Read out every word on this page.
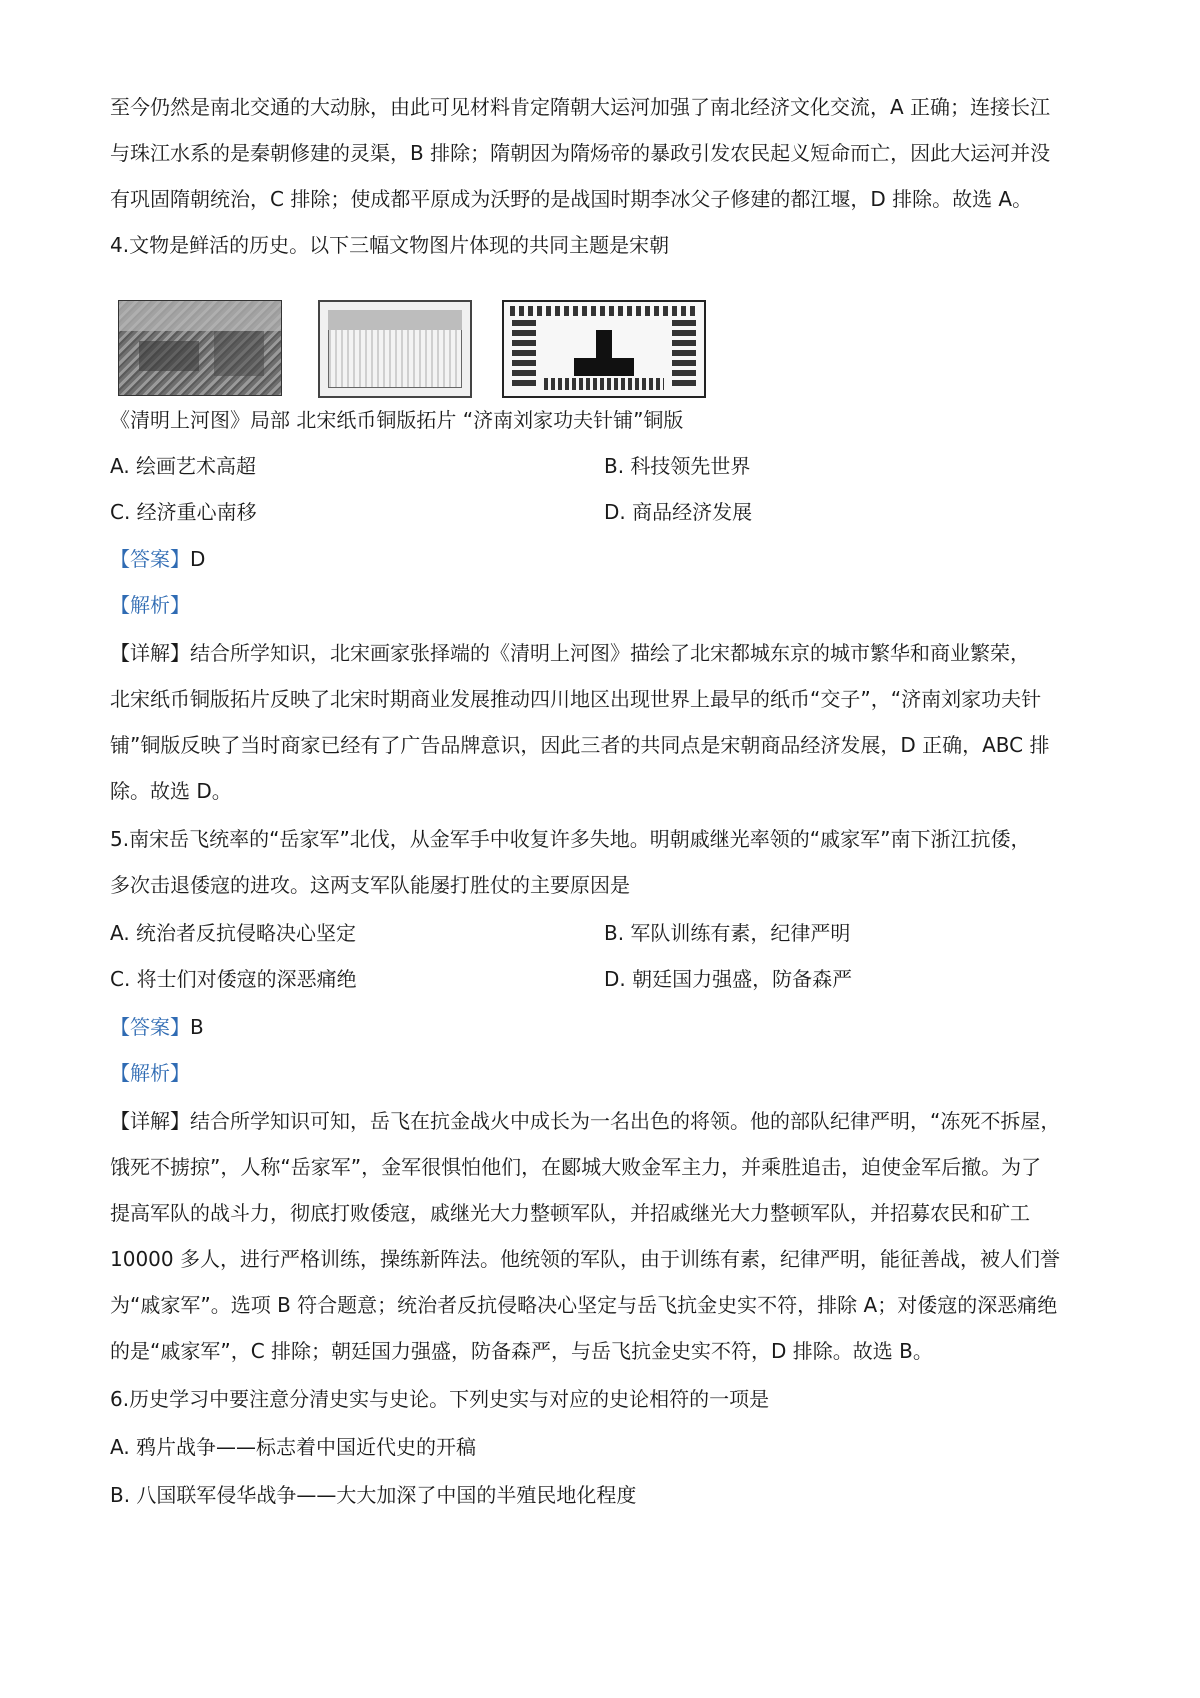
至今仍然是南北交通的大动脉，由此可见材料肯定隋朝大运河加强了南北经济文化交流，A 正确；连接长江
与珠江水系的是秦朝修建的灵渠，B 排除；隋朝因为隋炀帝的暴政引发农民起义短命而亡，因此大运河并没
有巩固隋朝统治，C 排除；使成都平原成为沃野的是战国时期李冰父子修建的都江堰，D 排除。故选 A。
4.文物是鲜活的历史。以下三幅文物图片体现的共同主题是宋朝
《清明上河图》局部 北宋纸币铜版拓片 “济南刘家功夫针铺”铜版
A. 绘画艺术高超	B. 科技领先世界
C. 经济重心南移	D. 商品经济发展
【答案】D
【解析】
【详解】结合所学知识，北宋画家张择端的《清明上河图》描绘了北宋都城东京的城市繁华和商业繁荣，
北宋纸币铜版拓片反映了北宋时期商业发展推动四川地区出现世界上最早的纸币“交子”，“济南刘家功夫针
铺”铜版反映了当时商家已经有了广告品牌意识，因此三者的共同点是宋朝商品经济发展，D 正确，ABC 排
除。故选 D。
5.南宋岳飞统率的“岳家军”北伐，从金军手中收复许多失地。明朝戚继光率领的“戚家军”南下浙江抗倭，
多次击退倭寇的进攻。这两支军队能屡打胜仗的主要原因是
A. 统治者反抗侵略决心坚定	B. 军队训练有素，纪律严明
C. 将士们对倭寇的深恶痛绝	D. 朝廷国力强盛，防备森严
【答案】B
【解析】
【详解】结合所学知识可知，岳飞在抗金战火中成长为一名出色的将领。他的部队纪律严明，“冻死不拆屋，
饿死不掳掠”，人称“岳家军”，金军很惧怕他们，在郾城大败金军主力，并乘胜追击，迫使金军后撤。为了
提高军队的战斗力，彻底打败倭寇，戚继光大力整顿军队，并招戚继光大力整顿军队，并招募农民和矿工
10000 多人，进行严格训练，操练新阵法。他统领的军队，由于训练有素，纪律严明，能征善战，被人们誉
为“戚家军”。选项 B 符合题意；统治者反抗侵略决心坚定与岳飞抗金史实不符，排除 A；对倭寇的深恶痛绝
的是“戚家军”，C 排除；朝廷国力强盛，防备森严，与岳飞抗金史实不符，D 排除。故选 B。
6.历史学习中要注意分清史实与史论。下列史实与对应的史论相符的一项是
A. 鸦片战争——标志着中国近代史的开稿
B. 八国联军侵华战争——大大加深了中国的半殖民地化程度
